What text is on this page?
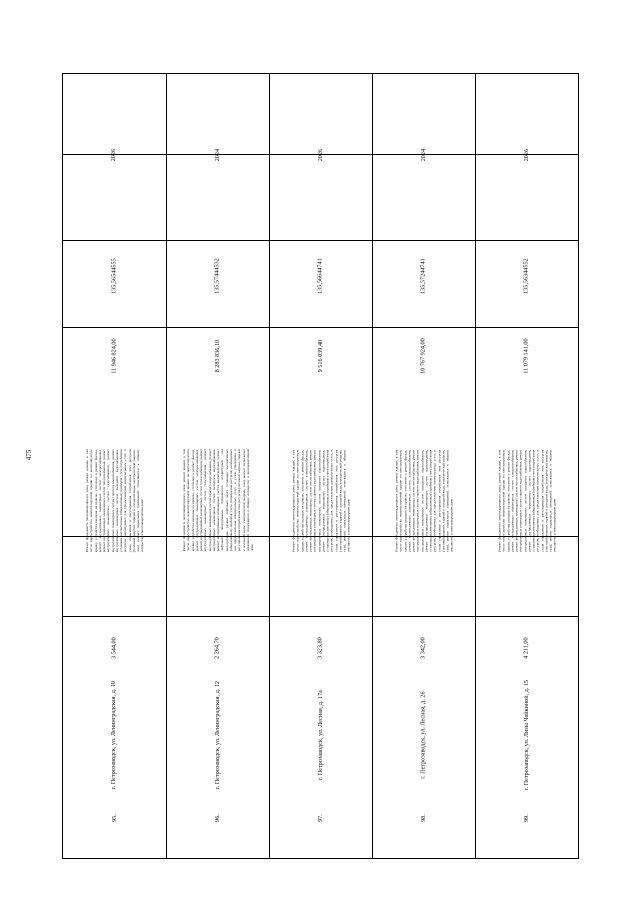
475
95.
г. Петрозаводск, ул. Ленинградская, д. 10
3 544,00
Ремонт фундамента многоквартирного дома, ремонт крыши, в том числе переустройство невентилируемой крыши на вентилируемую крышу, устройство выходов на кровлю, утепление и ремонт фасада, ремонт внутридомовых инженерных систем электроснабжения, ремонт внутридомовых инженерных систем теплоснабжения, ремонт внутридомовых инженерных систем газоснабжения, ремонт внутридомовых инженерных систем горячего водоснабжения, ремонт внутридомовых инженерных систем холодного водоснабжения, установка коллективных (общедомовых) приборов учета потребления ресурсов, необходимых для предоставления коммунальных услуг, и узлов управления и регулирования потребления этих ресурсов (тепловой энергии, горячей и холодной воды, электрической энергии, газа), ремонт подвальных помещений, относящихся к общему имуществу в многоквартирном доме
11 946 824,00
135,56544555
2026
96.
г. Петрозаводск, ул. Ленинградская, д. 12
2 264,70
Ремонт фундамента многоквартирного дома, ремонт крыши, в том числе переустройство невентилируемой крыши на вентилируемую крышу, устройство выходов на кровлю, утепление и ремонт фасада, ремонт внутридомовых инженерных систем электроснабжения, ремонт внутридомовых инженерных систем теплоснабжения, ремонт внутридомовых инженерных систем газоснабжения, ремонт внутридомовых инженерных систем горячего водоснабжения, ремонт внутридомовых инженерных систем холодного водоснабжения, ремонт внутридомовых инженерных систем водоотведения, ремонт лифтового оборудования, признанного непригодным для эксплуатации, ремонт лифтовых шахт, установка коллективных (общедомовых) приборов учета потребления ресурсов, необходимых для предоставления коммунальных услуг, и узлов управления и регулирования потребления этих ресурсов (тепловой энергии, горячей и холодной воды, электрической энергии, газа), ремонт подвальных помещений, относящихся к общему имуществу в многоквартирном доме
8 283 836,10
135,57444532
2024
97.
г. Петрозаводск, ул. Лесная, д. 17а
3 323,80
Ремонт фундамента многоквартирного дома, ремонт крыши, в том числе переустройство невентилируемой крыши на вентилируемую крышу, устройство выходов на кровлю, утепление и ремонт фасада, ремонт внутридомовых инженерных систем электроснабжения, ремонт внутридомовых инженерных систем теплоснабжения, ремонт внутридомовых инженерных систем горячего водоснабжения, ремонт внутридомовых инженерных систем холодного водоснабжения, ремонт внутридомовых инженерных систем водоотведения, установка коллективных (общедомовых) приборов учета потребления ресурсов, необходимых для предоставления коммунальных услуг, и узлов управления и регулирования потребления этих ресурсов (тепловой энергии, горячей и холодной воды, электрической энергии, газа), ремонт подвальных помещений, относящихся к общему имуществу в многоквартирном доме
9 516 039,40
135,56644741
2026
98.
г. Петрозаводск, ул. Лесная, д. 26
3 342,00
Ремонт фундамента многоквартирного дома, ремонт крыши, в том числе переустройство невентилируемой крыши на вентилируемую крышу, устройство выходов на кровлю, утепление и ремонт фасада, ремонт внутридомовых инженерных систем электроснабжения, ремонт внутридомовых инженерных систем теплоснабжения, ремонт внутридомовых инженерных систем горячего водоснабжения, ремонт внутридомовых инженерных систем холодного водоснабжения, ремонт внутридомовых инженерных систем водоотведения, установка коллективных (общедомовых) приборов учета потребления ресурсов, необходимых для предоставления коммунальных услуг, и узлов управления и регулирования потребления этих ресурсов (тепловой энергии, горячей и холодной воды, электрической энергии, газа), ремонт подвальных помещений, относящихся к общему имуществу в многоквартирном доме
10 767 924,00
135,57244741
2024
99.
г. Петрозаводск, ул. Лизы Чайкиной, д. 15
4 211,00
Ремонт фундамента многоквартирного дома, ремонт крыши, в том числе переустройство невентилируемой крыши на вентилируемую крышу, устройство выходов на кровлю, утепление и ремонт фасада, ремонт внутридомовых инженерных систем электроснабжения, ремонт внутридомовых инженерных систем теплоснабжения, ремонт внутридомовых инженерных систем горячего водоснабжения, ремонт внутридомовых инженерных систем холодного водоснабжения, ремонт внутридомовых инженерных систем водоотведения, установка коллективных (общедомовых) приборов учета потребления ресурсов, необходимых для предоставления коммунальных услуг, и узлов управления и регулирования потребления этих ресурсов (тепловой энергии, горячей и холодной воды, электрической энергии, газа), ремонт подвальных помещений, относящихся к общему имуществу в многоквартирном доме
11 079 141,00
135,56344552
2026
